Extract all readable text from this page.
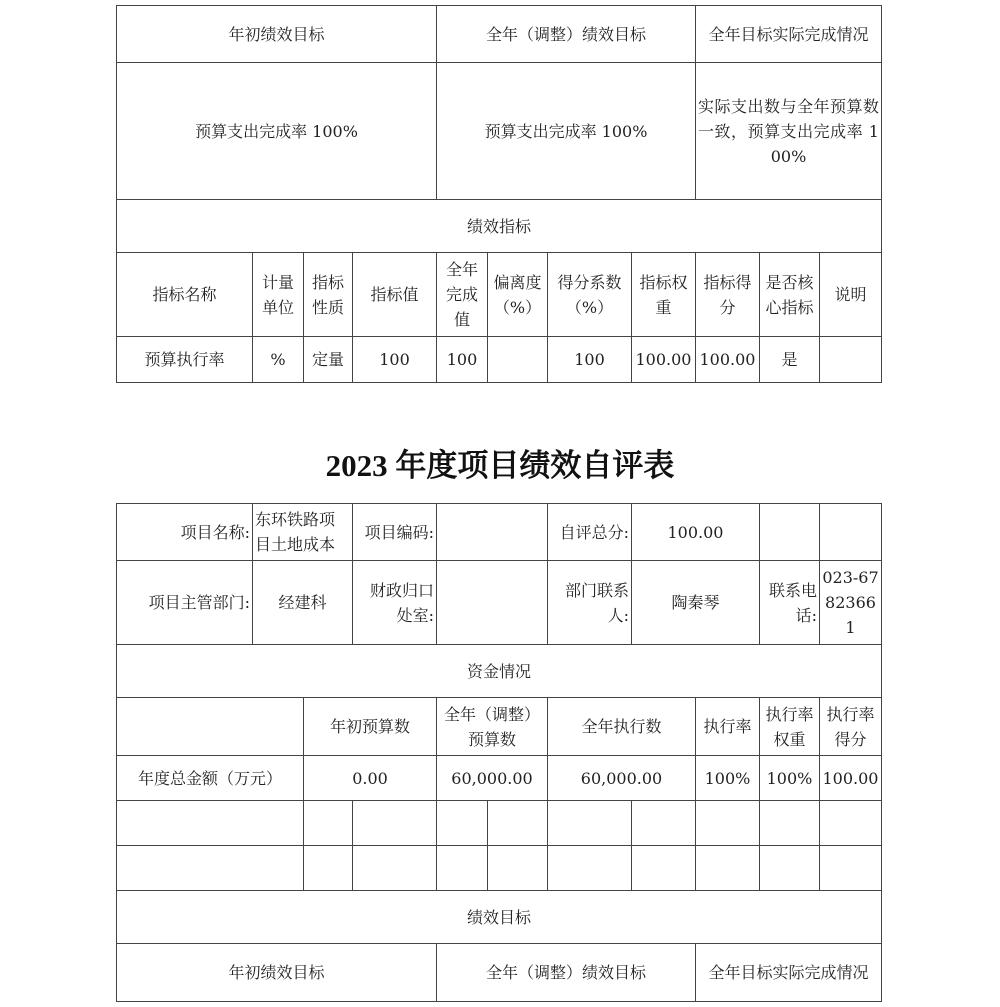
年初绩效目标				全年（调整）绩效目标				全年目标实际完成情况		
预算支出完成率 100%				预算支出完成率 100%				实际支出数与全年预算数一致，预算支出完成率 100%		
绩效指标										
指标名称	计量单位	指标性质	指标值	全年完成值	偏离度（%）	得分系数（%）	指标权重	指标得分	是否核心指标	说明
预算执行率	%	定量	100	100		100	100.00	100.00	是	
2023 年度项目绩效自评表
项目名称:	东环铁路项目土地成本		项目编码:			自评总分:	100.00			
项目主管部门:	经建科		财政归口处室:			部门联系人:	陶秦琴		联系电话:	023-67823661
资金情况										
		年初预算数		全年（调整）预算数		全年执行数		执行率	执行率权重	执行率得分
年度总金额（万元）		0.00		60,000.00		60,000.00		100%	100%	100.00

绩效目标										
年初绩效目标				全年（调整）绩效目标				全年目标实际完成情况		
